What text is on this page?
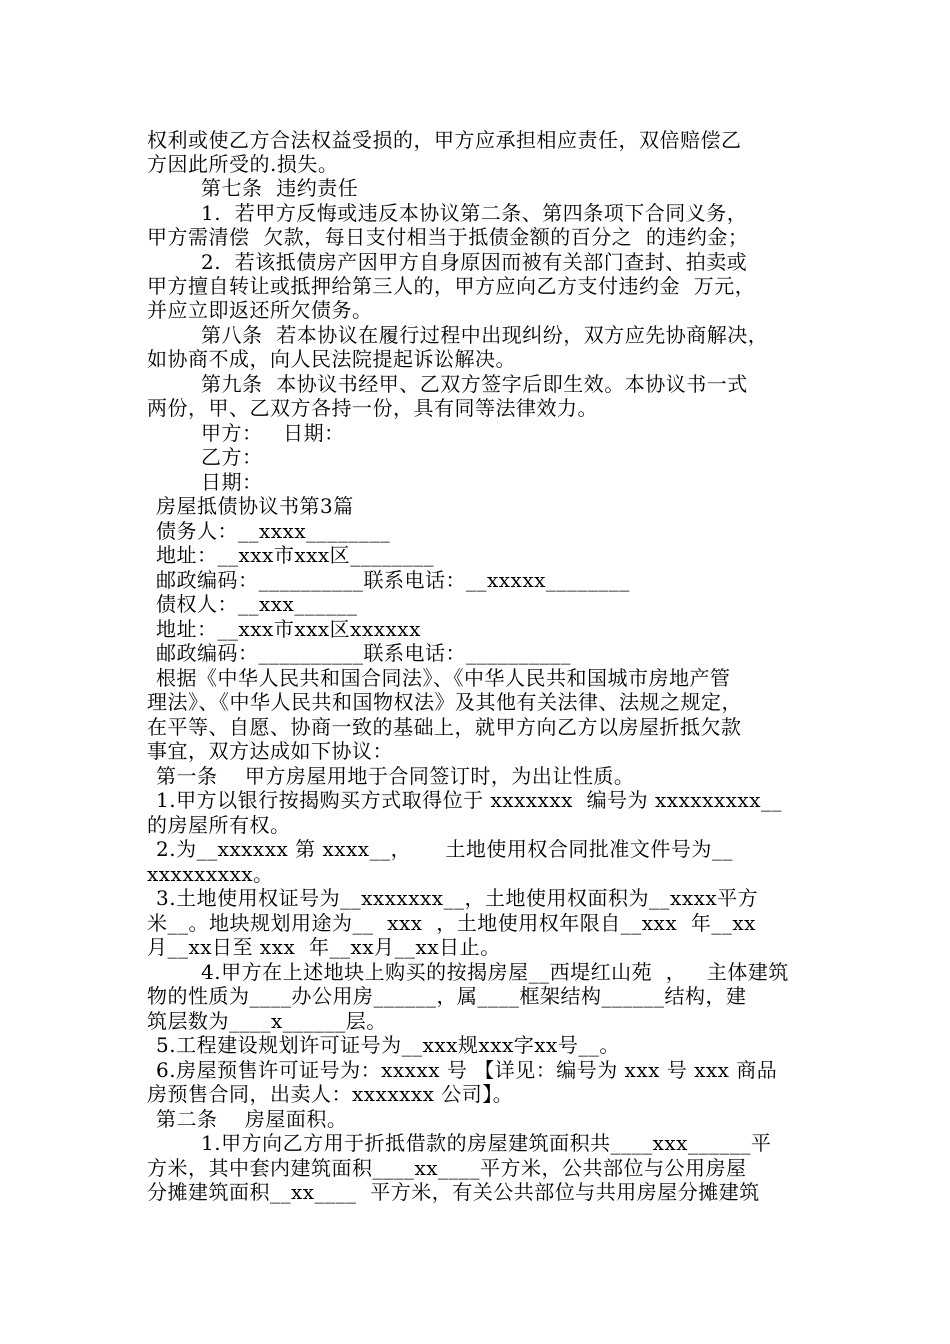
权利或使乙方合法权益受损的，甲方应承担相应责任，双倍赔偿乙
方因此所受的.损失。
第七条  违约责任
1.  若甲方反悔或违反本协议第二条、第四条项下合同义务，
甲方需清偿  欠款，每日支付相当于抵债金额的百分之  的违约金；
2.  若该抵债房产因甲方自身原因而被有关部门查封、拍卖或
甲方擅自转让或抵押给第三人的，甲方应向乙方支付违约金  万元，
并应立即返还所欠债务。
第八条  若本协议在履行过程中出现纠纷，双方应先协商解决，
如协商不成，向人民法院提起诉讼解决。
第九条  本协议书经甲、乙双方签字后即生效。本协议书一式
两份，甲、乙双方各持一份，具有同等法律效力。
甲方：   日期：
乙方：
日期：
房屋抵债协议书第3篇
债务人：__xxxx________
地址：__xxx市xxx区________
邮政编码：__________联系电话：__xxxxx________
债权人：__xxx______
地址：__xxx市xxx区xxxxxx
邮政编码：__________联系电话：__________
根据《中华人民共和国合同法》、《中华人民共和国城市房地产管
理法》、《中华人民共和国物权法》及其他有关法律、法规之规定，
在平等、自愿、协商一致的基础上，就甲方向乙方以房屋折抵欠款
事宜，双方达成如下协议：
第一条    甲方房屋用地于合同签订时，为出让性质。
1.甲方以银行按揭购买方式取得位于 xxxxxxx  编号为 xxxxxxxxx__
的房屋所有权。
2.为__xxxxxx 第 xxxx__，     土地使用权合同批准文件号为__
xxxxxxxxx。
3.土地使用权证号为__xxxxxxx__，土地使用权面积为__xxxx平方
米__。地块规划用途为__  xxx  ，土地使用权年限自__xxx  年__xx
月__xx日至 xxx  年__xx月__xx日止。
4.甲方在上述地块上购买的按揭房屋__西堤红山苑  ，   主体建筑
物的性质为____办公用房______，属____框架结构______结构，建
筑层数为____x______层。
5.工程建设规划许可证号为__xxx规xxx字xx号__。
6.房屋预售许可证号为：xxxxx 号 【详见：编号为 xxx 号 xxx 商品
房预售合同，出卖人：xxxxxxx 公司】。
第二条    房屋面积。
1.甲方向乙方用于折抵借款的房屋建筑面积共____xxx______平
方米，其中套内建筑面积____xx____平方米，公共部位与公用房屋
分摊建筑面积__xx____  平方米，有关公共部位与共用房屋分摊建筑
